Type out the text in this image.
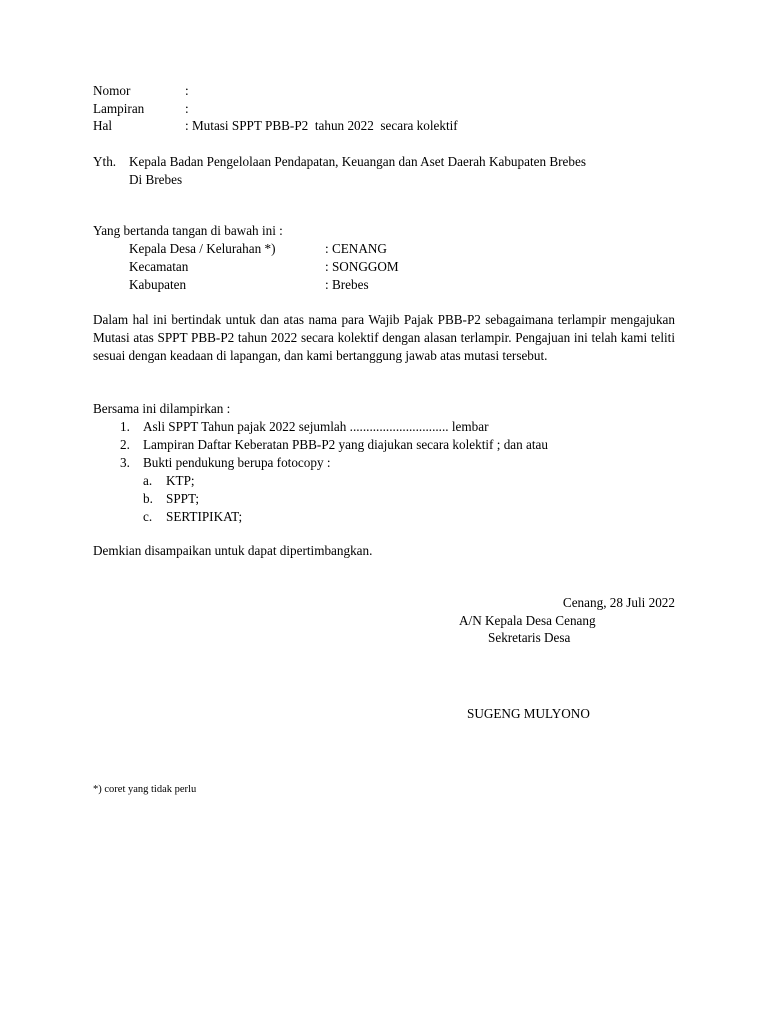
Nomor	:
Lampiran	:
Hal	: Mutasi SPPT PBB-P2  tahun 2022  secara kolektif
Yth. Kepala Badan Pengelolaan Pendapatan, Keuangan dan Aset Daerah Kabupaten Brebes
Di Brebes
Yang bertanda tangan di bawah ini :
Kepala Desa / Kelurahan *)	: CENANG
Kecamatan	: SONGGOM
Kabupaten	: Brebes
Dalam hal ini bertindak untuk dan atas nama para Wajib Pajak PBB-P2 sebagaimana terlampir mengajukan Mutasi atas SPPT PBB-P2 tahun 2022 secara kolektif dengan alasan terlampir. Pengajuan ini telah kami teliti sesuai dengan keadaan di lapangan, dan kami bertanggung jawab atas mutasi tersebut.
Bersama ini dilampirkan :
1. Asli SPPT Tahun pajak 2022 sejumlah .............................. lembar
2. Lampiran Daftar Keberatan PBB-P2 yang diajukan secara kolektif ; dan atau
3. Bukti pendukung berupa fotocopy :
a. KTP;
b. SPPT;
c. SERTIPIKAT;
Demkian disampaikan untuk dapat dipertimbangkan.
Cenang, 28 Juli 2022
A/N Kepala Desa Cenang
Sekretaris Desa
SUGENG MULYONO
*) coret yang tidak perlu
